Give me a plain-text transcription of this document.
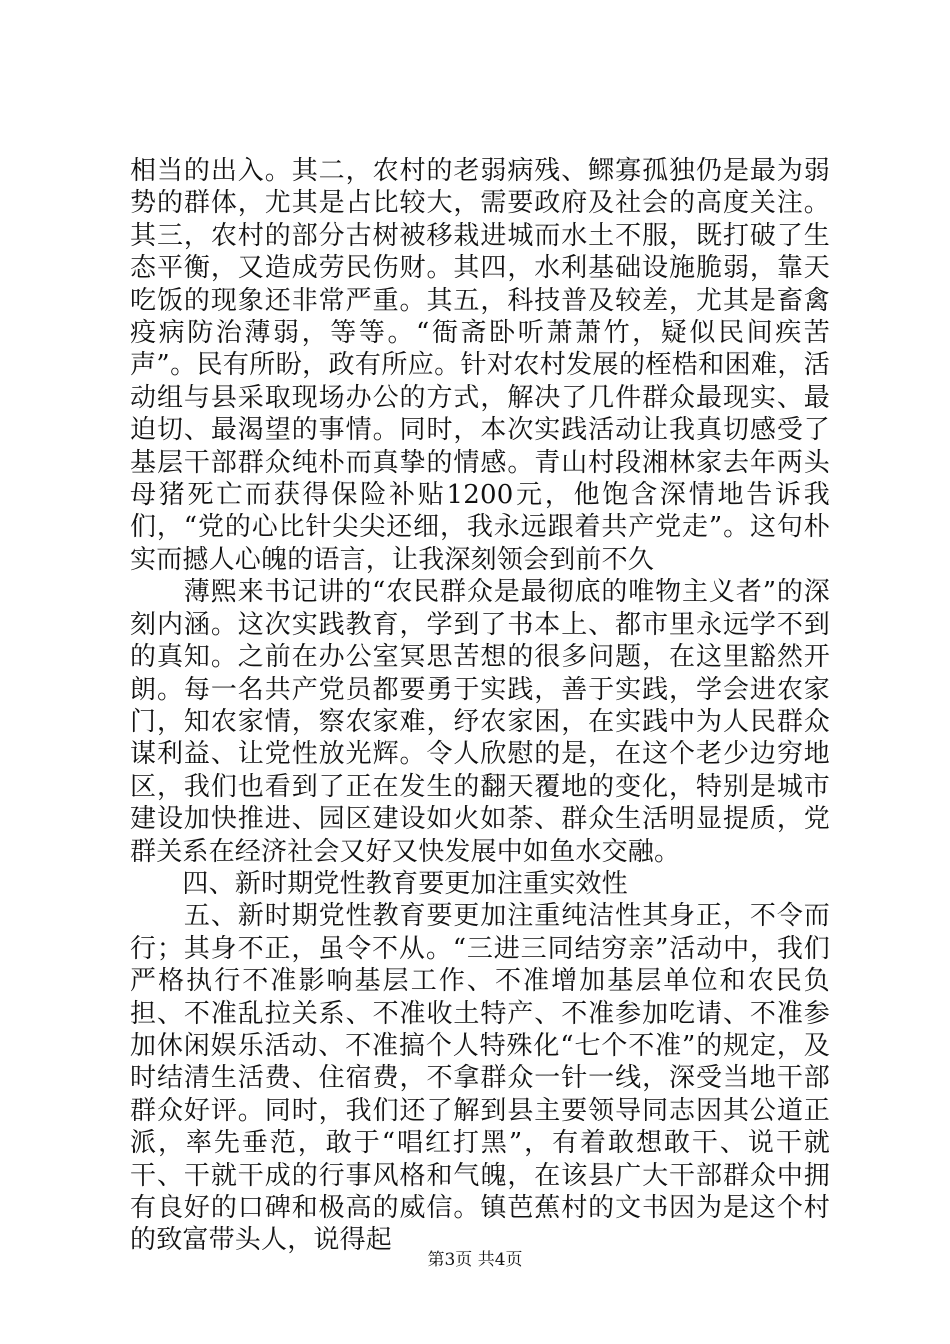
相当的出入。其二，农村的老弱病残、鳏寡孤独仍是最为弱势的群体，尤其是占比较大，需要政府及社会的高度关注。其三，农村的部分古树被移栽进城而水土不服，既打破了生态平衡，又造成劳民伤财。其四，水利基础设施脆弱，靠天吃饭的现象还非常严重。其五，科技普及较差，尤其是畜禽疫病防治薄弱，等等。“衙斋卧听萧萧竹，疑似民间疾苦声”。民有所盼，政有所应。针对农村发展的桎梏和困难，活动组与县采取现场办公的方式，解决了几件群众最现实、最迫切、最渴望的事情。同时，本次实践活动让我真切感受了基层干部群众纯朴而真挚的情感。青山村段湘林家去年两头母猪死亡而获得保险补贴1200元，他饱含深情地告诉我们，“党的心比针尖尖还细，我永远跟着共产党走”。这句朴实而撼人心魄的语言，让我深刻领会到前不久

　　薄熙来书记讲的“农民群众是最彻底的唯物主义者”的深刻内涵。这次实践教育，学到了书本上、都市里永远学不到的真知。之前在办公室冥思苦想的很多问题，在这里豁然开朗。每一名共产党员都要勇于实践，善于实践，学会进农家门，知农家情，察农家难，纾农家困，在实践中为人民群众谋利益、让党性放光辉。令人欣慰的是，在这个老少边穷地区，我们也看到了正在发生的翻天覆地的变化，特别是城市建设加快推进、园区建设如火如荼、群众生活明显提质，党群关系在经济社会又好又快发展中如鱼水交融。

　　四、新时期党性教育要更加注重实效性

　　五、新时期党性教育要更加注重纯洁性其身正，不令而行；其身不正，虽令不从。“三进三同结穷亲”活动中，我们严格执行不准影响基层工作、不准增加基层单位和农民负担、不准乱拉关系、不准收土特产、不准参加吃请、不准参加休闲娱乐活动、不准搞个人特殊化“七个不准”的规定，及时结清生活费、住宿费，不拿群众一针一线，深受当地干部群众好评。同时，我们还了解到县主要领导同志因其公道正派，率先垂范，敢于“唱红打黑”，有着敢想敢干、说干就干、干就干成的行事风格和气魄，在该县广大干部群众中拥有良好的口碑和极高的威信。镇芭蕉村的文书因为是这个村的致富带头人，说得起

第3页 共4页
